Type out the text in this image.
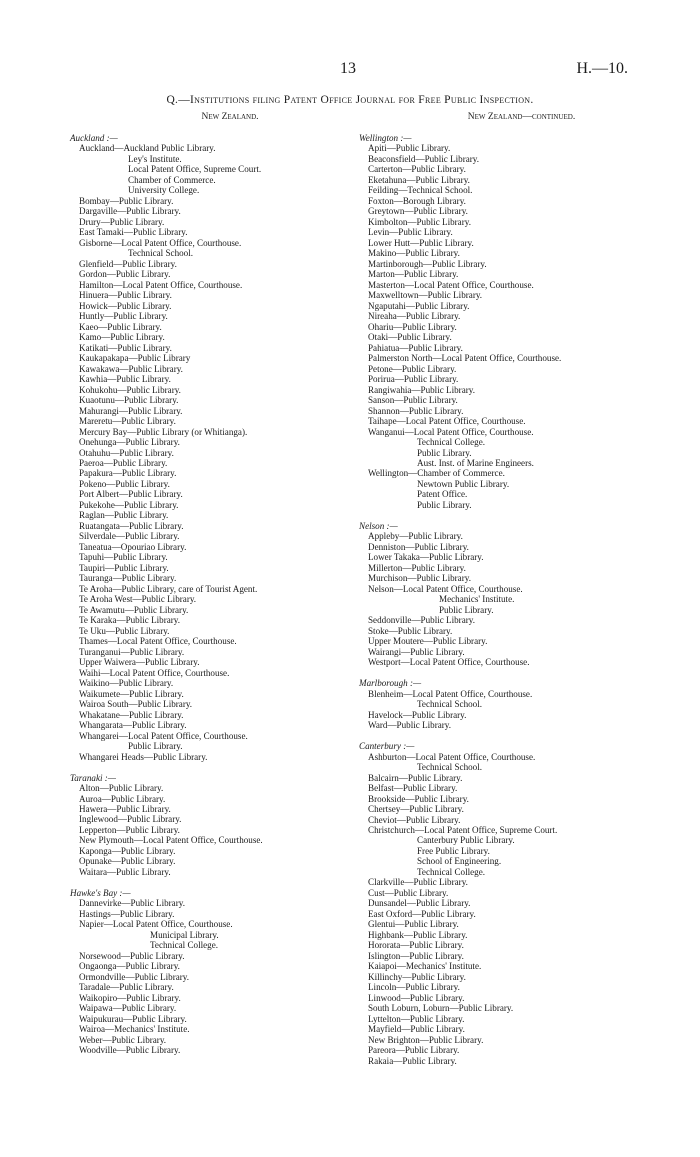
13	H.—10.
Q.—Institutions filing Patent Office Journal for Free Public Inspection.
New Zealand.
Auckland :—
Auckland—Auckland Public Library.
Ley's Institute.
Local Patent Office, Supreme Court.
Chamber of Commerce.
University College.
Bombay—Public Library.
Dargaville—Public Library.
Drury—Public Library.
East Tamaki—Public Library.
Gisborne—Local Patent Office, Courthouse.
Technical School.
Glenfield—Public Library.
Gordon—Public Library.
Hamilton—Local Patent Office, Courthouse.
Hinuera—Public Library.
Howick—Public Library.
Huntly—Public Library.
Kaeo—Public Library.
Kamo—Public Library.
Katikati—Public Library.
Kaukapakapa—Public Library
Kawakawa—Public Library.
Kawhia—Public Library.
Kohukohu—Public Library.
Kuaotunu—Public Library.
Mahurangi—Public Library.
Mareretu—Public Library.
Mercury Bay—Public Library (or Whitianga).
Onehunga—Public Library.
Otahuhu—Public Library.
Paeroa—Public Library.
Papakura—Public Library.
Pokeno—Public Library.
Port Albert—Public Library.
Pukekohe—Public Library.
Raglan—Public Library.
Ruatangata—Public Library.
Silverdale—Public Library.
Taneatua—Opouriao Library.
Tapuhi—Public Library.
Taupiri—Public Library.
Tauranga—Public Library.
Te Aroha—Public Library, care of Tourist Agent.
Te Aroha West—Public Library.
Te Awamutu—Public Library.
Te Karaka—Public Library.
Te Uku—Public Library.
Thames—Local Patent Office, Courthouse.
Turanganui—Public Library.
Upper Waiwera—Public Library.
Waihi—Local Patent Office, Courthouse.
Waikino—Public Library.
Waikumete—Public Library.
Wairoa South—Public Library.
Whakatane—Public Library.
Whangarata—Public Library.
Whangarei—Local Patent Office, Courthouse.
Public Library.
Whangarei Heads—Public Library.
Taranaki :—
Alton—Public Library.
Auroa—Public Library.
Hawera—Public Library.
Inglewood—Public Library.
Lepperton—Public Library.
New Plymouth—Local Patent Office, Courthouse.
Kaponga—Public Library.
Opunake—Public Library.
Waitara—Public Library.
Hawke's Bay :—
Dannevirke—Public Library.
Hastings—Public Library.
Napier—Local Patent Office, Courthouse.
Municipal Library.
Technical College.
Norsewood—Public Library.
Ongaonga—Public Library.
Ormondville—Public Library.
Taradale—Public Library.
Waikopiro—Public Library.
Waipawa—Public Library.
Waipukurau—Public Library.
Wairoa—Mechanics' Institute.
Weber—Public Library.
Woodville—Public Library.
New Zealand—continued.
Wellington :—
Apiti—Public Library.
Beaconsfield—Public Library.
Carterton—Public Library.
Eketahuna—Public Library.
Feilding—Technical School.
Foxton—Borough Library.
Greytown—Public Library.
Kimbolton—Public Library.
Levin—Public Library.
Lower Hutt—Public Library.
Makino—Public Library.
Martinborough—Public Library.
Marton—Public Library.
Masterton—Local Patent Office, Courthouse.
Maxwelltown—Public Library.
Ngaputahi—Public Library.
Nireaha—Public Library.
Ohariu—Public Library.
Otaki—Public Library.
Pahiatua—Public Library.
Palmerston North—Local Patent Office, Courthouse.
Petone—Public Library.
Porirua—Public Library.
Rangiwahia—Public Library.
Sanson—Public Library.
Shannon—Public Library.
Taihape—Local Patent Office, Courthouse.
Wanganui—Local Patent Office, Courthouse.
Technical College.
Public Library.
Aust. Inst. of Marine Engineers.
Wellington—Chamber of Commerce.
Newtown Public Library.
Patent Office.
Public Library.
Nelson :—
Appleby—Public Library.
Denniston—Public Library.
Lower Takaka—Public Library.
Millerton—Public Library.
Murchison—Public Library.
Nelson—Local Patent Office, Courthouse.
Mechanics' Institute.
Public Library.
Seddonville—Public Library.
Stoke—Public Library.
Upper Moutere—Public Library.
Wairangi—Public Library.
Westport—Local Patent Office, Courthouse.
Marlborough :—
Blenheim—Local Patent Office, Courthouse.
Technical School.
Havelock—Public Library.
Ward—Public Library.
Canterbury :—
Ashburton—Local Patent Office, Courthouse.
Technical School.
Balcairn—Public Library.
Belfast—Public Library.
Brookside—Public Library.
Chertsey—Public Library.
Cheviot—Public Library.
Christchurch—Local Patent Office, Supreme Court.
Canterbury Public Library.
Free Public Library.
School of Engineering.
Technical College.
Clarkville—Public Library.
Cust—Public Library.
Dunsandel—Public Library.
East Oxford—Public Library.
Glentui—Public Library.
Highbank—Public Library.
Hororata—Public Library.
Islington—Public Library.
Kaiapoi—Mechanics' Institute.
Killinchy—Public Library.
Lincoln—Public Library.
Linwood—Public Library.
South Loburn, Loburn—Public Library.
Lyttelton—Public Library.
Mayfield—Public Library.
New Brighton—Public Library.
Pareora—Public Library.
Rakaia—Public Library.
